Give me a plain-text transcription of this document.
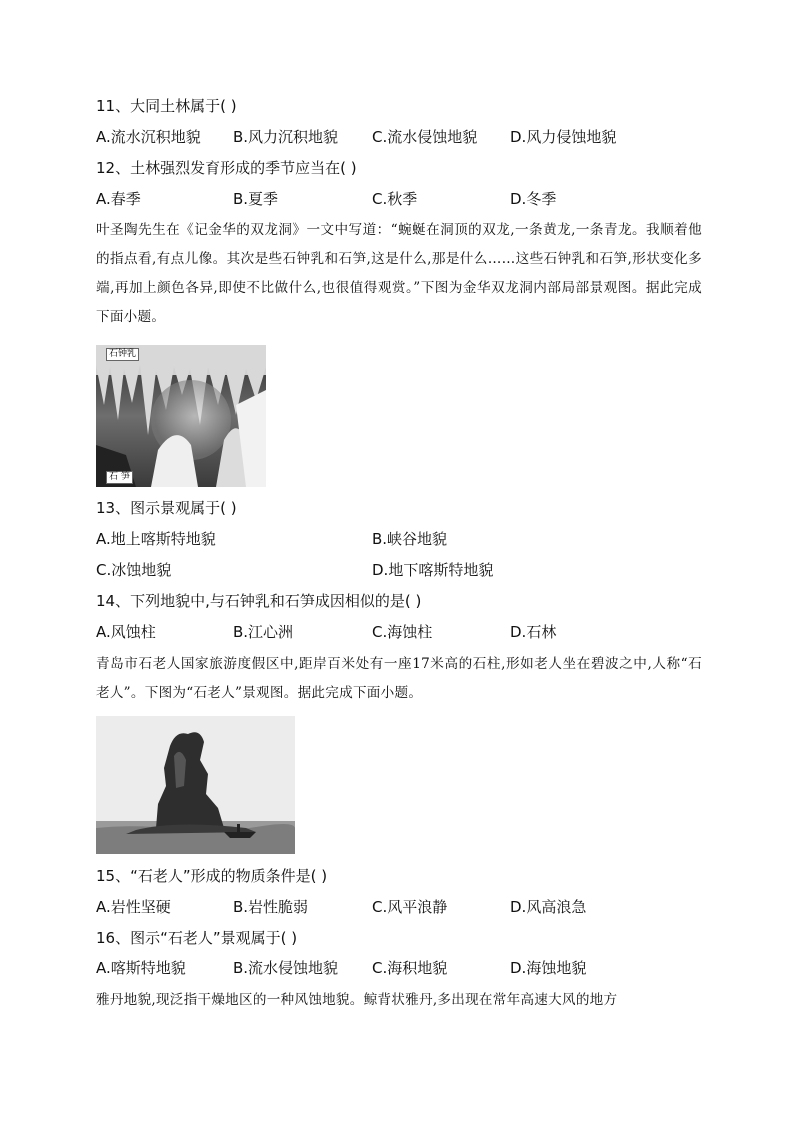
11、大同土林属于( )
A.流水沉积地貌 B.风力沉积地貌 C.流水侵蚀地貌 D.风力侵蚀地貌
12、土林强烈发育形成的季节应当在( )
A.春季	B.夏季	C.秋季	D.冬季
叶圣陶先生在《记金华的双龙洞》一文中写道：“蜿蜒在洞顶的双龙,一条黄龙,一条青龙。我顺着他的指点看,有点儿像。其次是些石钟乳和石笋,这是什么,那是什么……这些石钟乳和石笋,形状变化多端,再加上颜色各异,即使不比做什么,也很值得观赏。”下图为金华双龙洞内部局部景观图。据此完成下面小题。
石钟乳
石 笋
13、图示景观属于( )
A.地上喀斯特地貌	B.峡谷地貌
C.冰蚀地貌	D.地下喀斯特地貌
14、下列地貌中,与石钟乳和石笋成因相似的是( )
A.风蚀柱	B.江心洲	C.海蚀柱	D.石林
青岛市石老人国家旅游度假区中,距岸百米处有一座17米高的石柱,形如老人坐在碧波之中,人称“石老人”。下图为“石老人”景观图。据此完成下面小题。
15、“石老人”形成的物质条件是( )
A.岩性坚硬	B.岩性脆弱	C.风平浪静	D.风高浪急
16、图示“石老人”景观属于( )
A.喀斯特地貌	B.流水侵蚀地貌 C.海积地貌	D.海蚀地貌
雅丹地貌,现泛指干燥地区的一种风蚀地貌。鲸背状雅丹,多出现在常年高速大风的地方
